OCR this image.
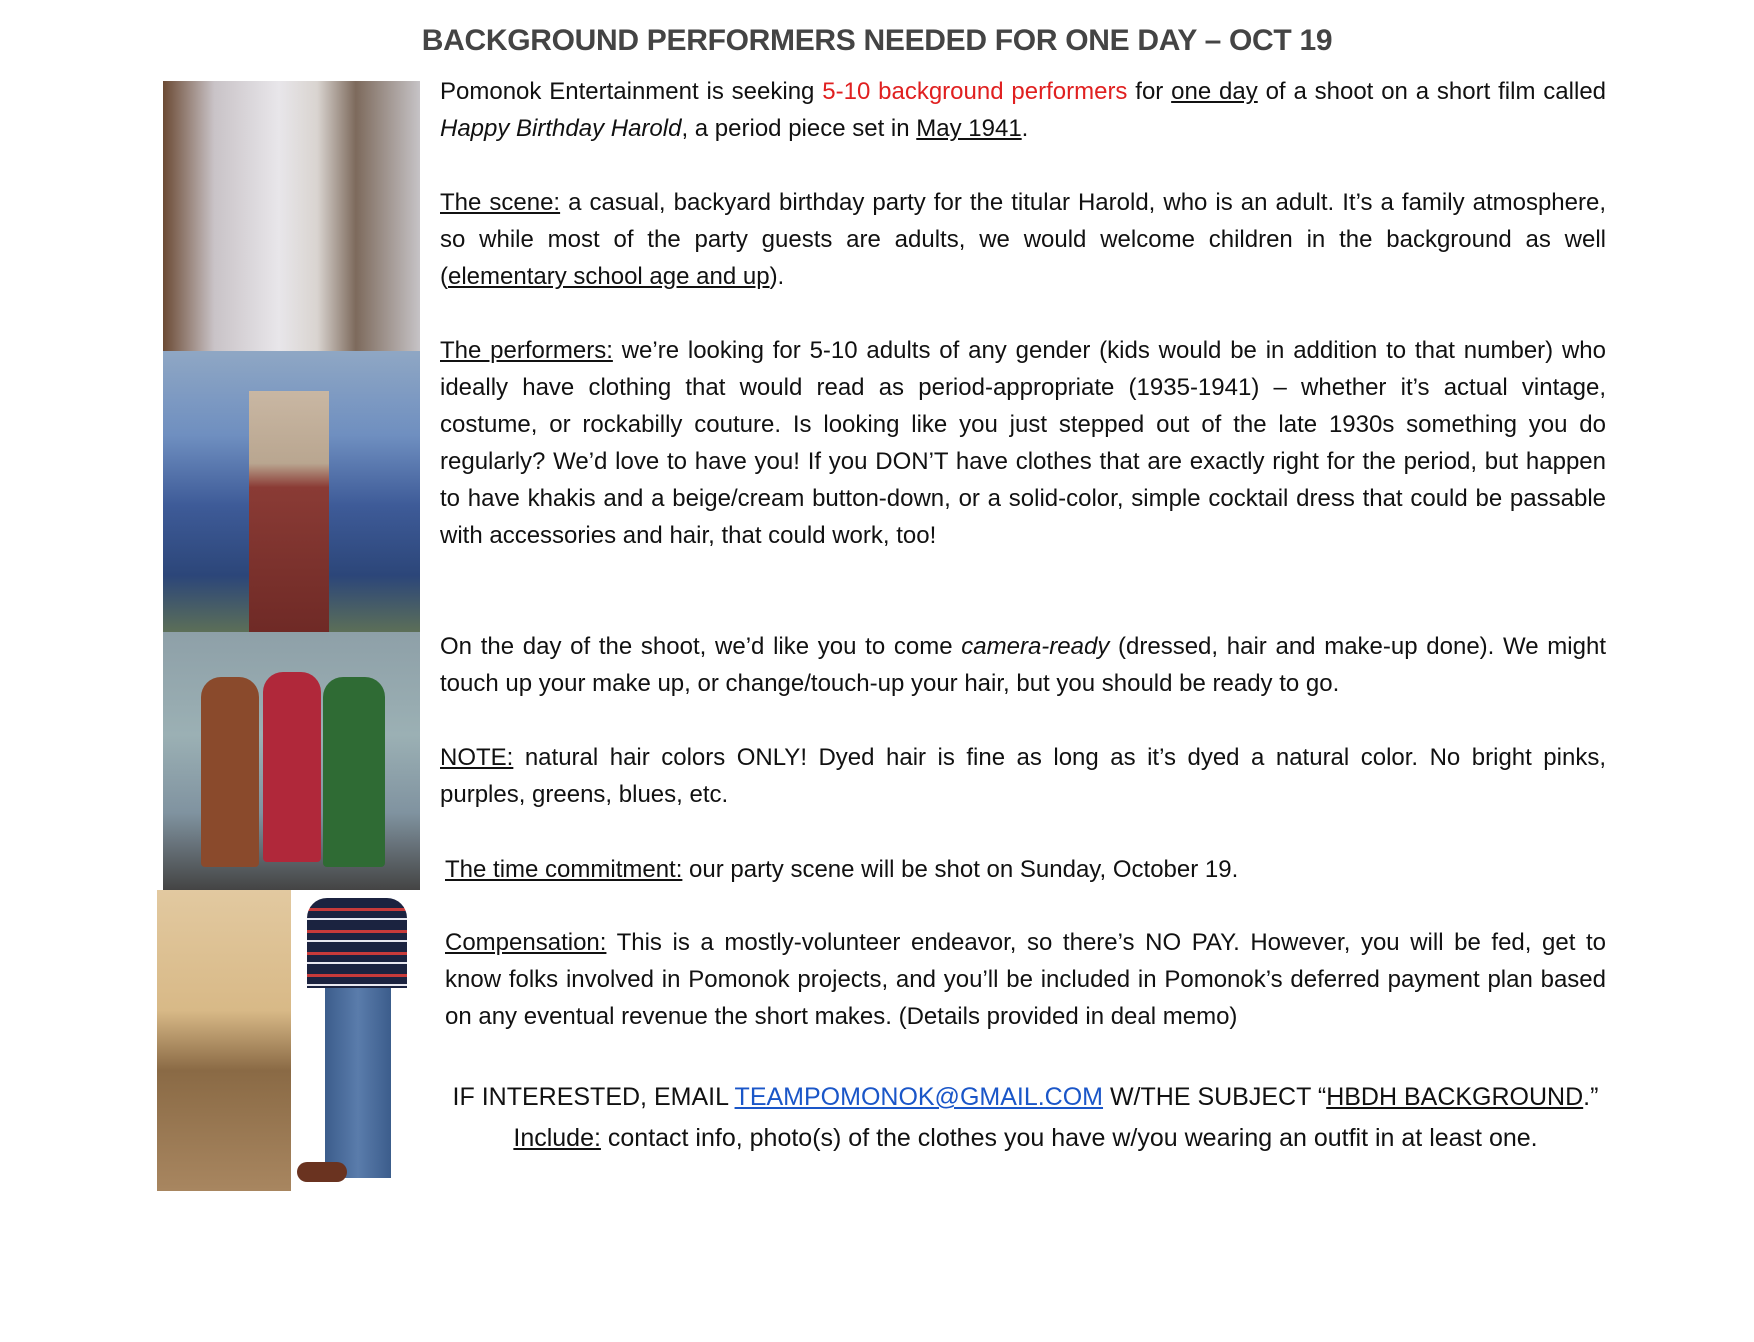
BACKGROUND PERFORMERS NEEDED FOR ONE DAY – OCT 19
Pomonok Entertainment is seeking 5-10 background performers for one day of a shoot on a short film called Happy Birthday Harold, a period piece set in May 1941.
The scene: a casual, backyard birthday party for the titular Harold, who is an adult. It’s a family atmosphere, so while most of the party guests are adults, we would welcome children in the background as well (elementary school age and up).
The performers: we’re looking for 5-10 adults of any gender (kids would be in addition to that number) who ideally have clothing that would read as period-appropriate (1935-1941) – whether it’s actual vintage, costume, or rockabilly couture. Is looking like you just stepped out of the late 1930s something you do regularly? We’d love to have you! If you DON’T have clothes that are exactly right for the period, but happen to have khakis and a beige/cream button-down, or a solid-color, simple cocktail dress that could be passable with accessories and hair, that could work, too!
On the day of the shoot, we’d like you to come camera-ready (dressed, hair and make-up done). We might touch up your make up, or change/touch-up your hair, but you should be ready to go.
NOTE: natural hair colors ONLY! Dyed hair is fine as long as it’s dyed a natural color. No bright pinks, purples, greens, blues, etc.
The time commitment: our party scene will be shot on Sunday, October 19.
Compensation: This is a mostly-volunteer endeavor, so there’s NO PAY. However, you will be fed, get to know folks involved in Pomonok projects, and you’ll be included in Pomonok’s deferred payment plan based on any eventual revenue the short makes. (Details provided in deal memo)
IF INTERESTED, EMAIL TEAMPOMONOK@GMAIL.COM W/THE SUBJECT “HBDH BACKGROUND.”
Include: contact info, photo(s) of the clothes you have w/you wearing an outfit in at least one.
